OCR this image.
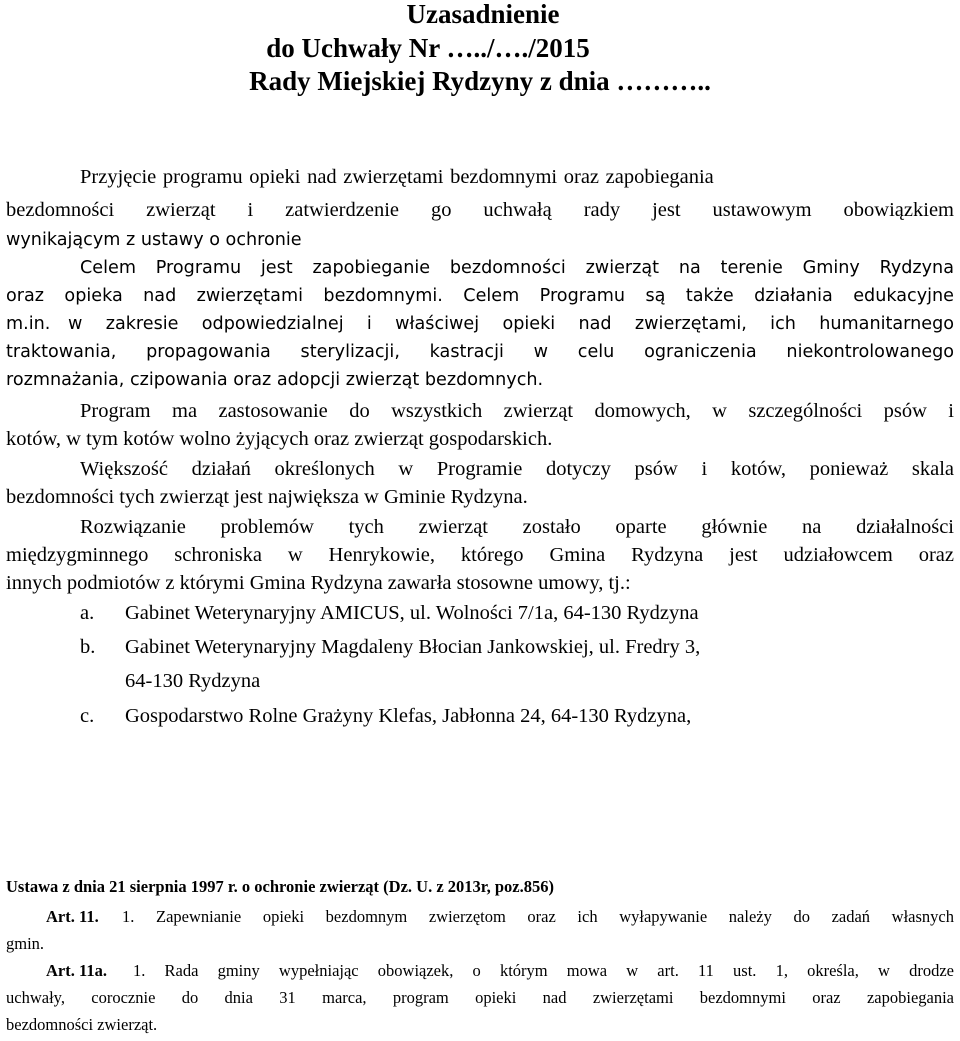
Uzasadnienie
do Uchwały Nr …../…./2015
Rady Miejskiej Rydzyny z dnia ………..
Przyjęcie programu opieki nad zwierzętami bezdomnymi oraz zapobiegania
bezdomności zwierząt i zatwierdzenie go uchwałą rady jest ustawowym obowiązkiem
wynikającym z ustawy o ochronie
Celem Programu jest zapobieganie bezdomności zwierząt na terenie Gminy Rydzyna
oraz opieka nad zwierzętami bezdomnymi. Celem Programu są także działania edukacyjne
m.in.	w zakresie odpowiedzialnej i właściwej opieki nad zwierzętami, ich humanitarnego
traktowania, propagowania sterylizacji, kastracji w celu ograniczenia niekontrolowanego
rozmnażania, czipowania oraz adopcji zwierząt bezdomnych.
Program ma zastosowanie do wszystkich zwierząt domowych, w szczególności psów i
kotów, w tym kotów wolno żyjących oraz zwierząt gospodarskich.
Większość działań określonych w Programie dotyczy psów i kotów, ponieważ skala
bezdomności tych zwierząt jest największa w Gminie Rydzyna.
Rozwiązanie problemów tych zwierząt zostało oparte głównie na działalności
międzygminnego schroniska w Henrykowie, którego Gmina Rydzyna jest udziałowcem oraz
innych podmiotów z którymi Gmina Rydzyna zawarła stosowne umowy, tj.:
a. Gabinet Weterynaryjny AMICUS, ul. Wolności 7/1a, 64-130 Rydzyna
b. Gabinet Weterynaryjny Magdaleny Błocian Jankowskiej, ul. Fredry 3,
64-130 Rydzyna
c. Gospodarstwo Rolne Grażyny Klefas, Jabłonna 24, 64-130 Rydzyna,
Ustawa z dnia 21 sierpnia 1997 r. o ochronie zwierząt (Dz. U. z 2013r, poz.856)
Art. 11. 1. Zapewnianie opieki bezdomnym zwierzętom oraz ich wyłapywanie należy do zadań własnych
gmin.
Art. 11a. 1. Rada gminy wypełniając obowiązek, o którym mowa w art. 11 ust. 1, określa, w drodze
uchwały, corocznie do dnia 31 marca, program opieki nad zwierzętami bezdomnymi oraz zapobiegania
bezdomności zwierząt.
